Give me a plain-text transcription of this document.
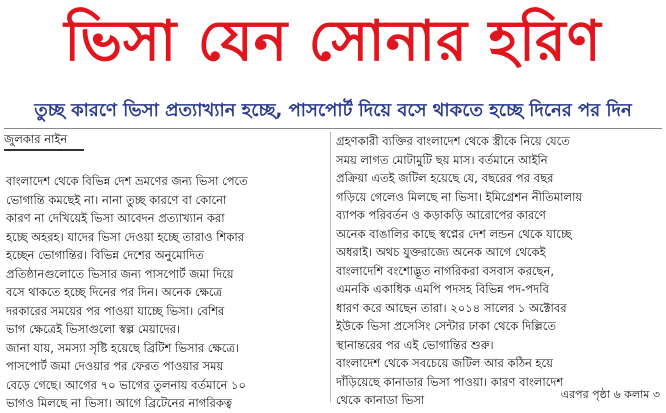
ভিসা যেন সোনার হরিণ
তুচ্ছ কারণে ভিসা প্রত্যাখ্যান হচ্ছে, পাসপোর্ট দিয়ে বসে থাকতে হচ্ছে দিনের পর দিন
জুলকার নাইন
বাংলাদেশ থেকে বিভিন্ন দেশ ভ্রমণের জন্য ভিসা পেতে
ভোগান্তি কমছেই না। নানা তুচ্ছ কারণে বা কোনো
কারণ না দেখিয়েই ভিসা আবেদন প্রত্যাখ্যান করা
হচ্ছে অহরহ। যাদের ভিসা দেওয়া হচ্ছে তারাও শিকার
হচ্ছেন ভোগান্তির। বিভিন্ন দেশের অনুমোদিত
প্রতিষ্ঠানগুলোতে ভিসার জন্য পাসপোর্ট জমা দিয়ে
বসে থাকতে হচ্ছে দিনের পর দিন। অনেক ক্ষেত্রে
দরকারের সময়ের পর পাওয়া যাচ্ছে ভিসা। বেশির
ভাগ ক্ষেত্রেই ভিসাগুলো স্বল্প মেয়াদের।
জানা যায়, সমস্যা সৃষ্টি হয়েছে ব্রিটিশ ভিসার ক্ষেত্রে।
পাসপোর্ট জমা দেওয়ার পর ফেরত পাওয়ার সময়
বেড়ে গেছে। আগের ৭০ ভাগের তুলনায় বর্তমানে ১০
ভাগও মিলছে না ভিসা। আগে ব্রিটেনের নাগরিকত্ব
গ্রহণকারী ব্যক্তির বাংলাদেশ থেকে স্ত্রীকে নিয়ে যেতে
সময় লাগত মোটামুটি ছয় মাস। বর্তমানে আইনি
প্রক্রিয়া এতই জটিল হয়েছে যে, বছরের পর বছর
গড়িয়ে গেলেও মিলছে না ভিসা। ইমিগ্রেশন নীতিমালায়
ব্যাপক পরিবর্তন ও কড়াকড়ি আরোপের কারণে
অনেক বাঙালির কাছে স্বপ্নের দেশ লন্ডন থেকে যাচ্ছে
অধরাই। অথচ যুক্তরাজ্যে অনেক আগে থেকেই
বাংলাদেশি বংশোদ্ভূত নাগরিকরা বসবাস করছেন,
এমনকি একাধিক এমপি পদসহ বিভিন্ন পদ-পদবি
ধারণ করে আছেন তারা। ২০১৪ সালের ১ অক্টোবর
ইউকে ভিসা প্রসেসিং সেন্টার ঢাকা থেকে দিল্লিতে
স্থানান্তরের পর এই ভোগান্তির শুরু।
বাংলাদেশ থেকে সবচেয়ে জটিল আর কঠিন হয়ে
দাঁড়িয়েছে কানাডার ভিসা পাওয়া। কারণ বাংলাদেশ
থেকে কানাডা ভিসা	এরপর পৃষ্ঠা ৬ কলাম ৩
